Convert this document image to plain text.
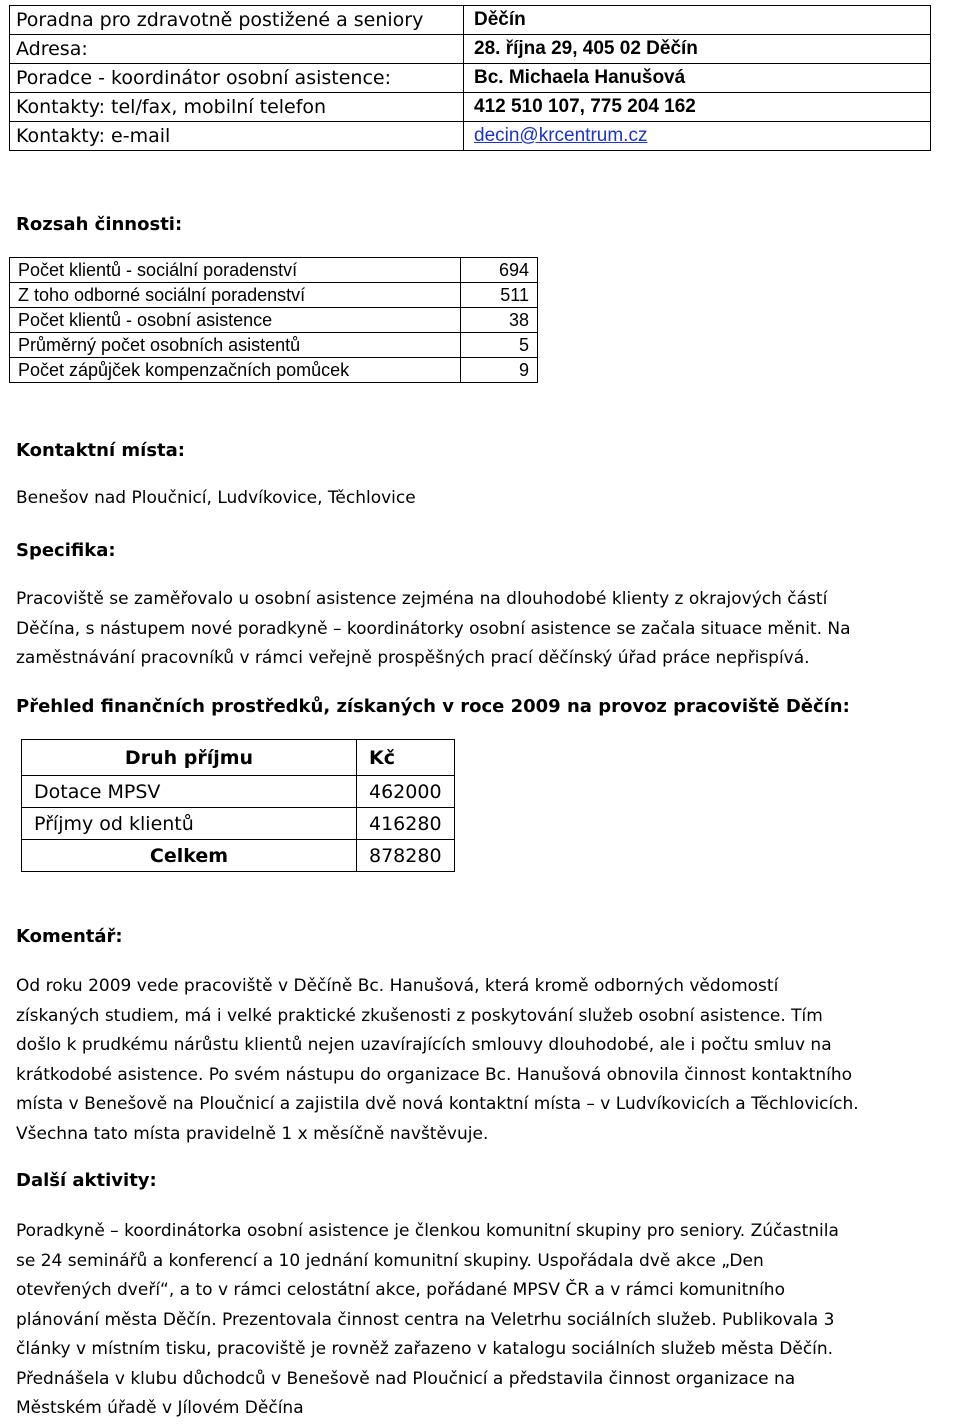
Poradna pro zdravotně postižené a seniory	Děčín
Adresa:	28. října 29, 405 02 Děčín
Poradce - koordinátor osobní asistence:	Bc. Michaela Hanušová
Kontakty: tel/fax, mobilní telefon	412 510 107, 775 204 162
Kontakty: e-mail	decin@krcentrum.cz
Rozsah činnosti:
Počet klientů - sociální poradenství	694
Z toho odborné sociální poradenství	511
Počet klientů - osobní asistence	38
Průměrný počet osobních asistentů	5
Počet zápůjček kompenzačních pomůcek	9
Kontaktní místa:
Benešov nad Ploučnicí, Ludvíkovice, Těchlovice
Specifika:
Pracoviště se zaměřovalo u osobní asistence zejména na dlouhodobé klienty z okrajových částí
Děčína, s nástupem nové poradkyně – koordinátorky osobní asistence se začala situace měnit. Na
zaměstnávání pracovníků v rámci veřejně prospěšných prací děčínský úřad práce nepřispívá.
Přehled finančních prostředků, získaných v roce 2009 na provoz pracoviště Děčín:
Druh příjmu	Kč
Dotace MPSV	462000
Příjmy od klientů	416280
Celkem	878280
Komentář:
Od roku 2009 vede pracoviště v Děčíně Bc. Hanušová, která kromě odborných vědomostí
získaných studiem, má i velké praktické zkušenosti z poskytování služeb osobní asistence. Tím
došlo k prudkému nárůstu klientů nejen uzavírajících smlouvy dlouhodobé, ale i počtu smluv na
krátkodobé asistence. Po svém nástupu do organizace Bc. Hanušová obnovila činnost kontaktního
místa v Benešově na Ploučnicí a zajistila dvě nová kontaktní místa – v Ludvíkovicích a Těchlovicích.
Všechna tato místa pravidelně 1 x měsíčně navštěvuje.
Další aktivity:
Poradkyně – koordinátorka osobní asistence je členkou komunitní skupiny pro seniory. Zúčastnila
se 24 seminářů a konferencí a 10 jednání komunitní skupiny. Uspořádala dvě akce „Den
otevřených dveří“, a to v rámci celostátní akce, pořádané MPSV ČR a v rámci komunitního
plánování města Děčín. Prezentovala činnost centra na Veletrhu sociálních služeb. Publikovala 3
články v místním tisku, pracoviště je rovněž zařazeno v katalogu sociálních služeb města Děčín.
Přednášela v klubu důchodců v Benešově nad Ploučnicí a představila činnost organizace na
Městském úřadě v Jílovém Děčína
